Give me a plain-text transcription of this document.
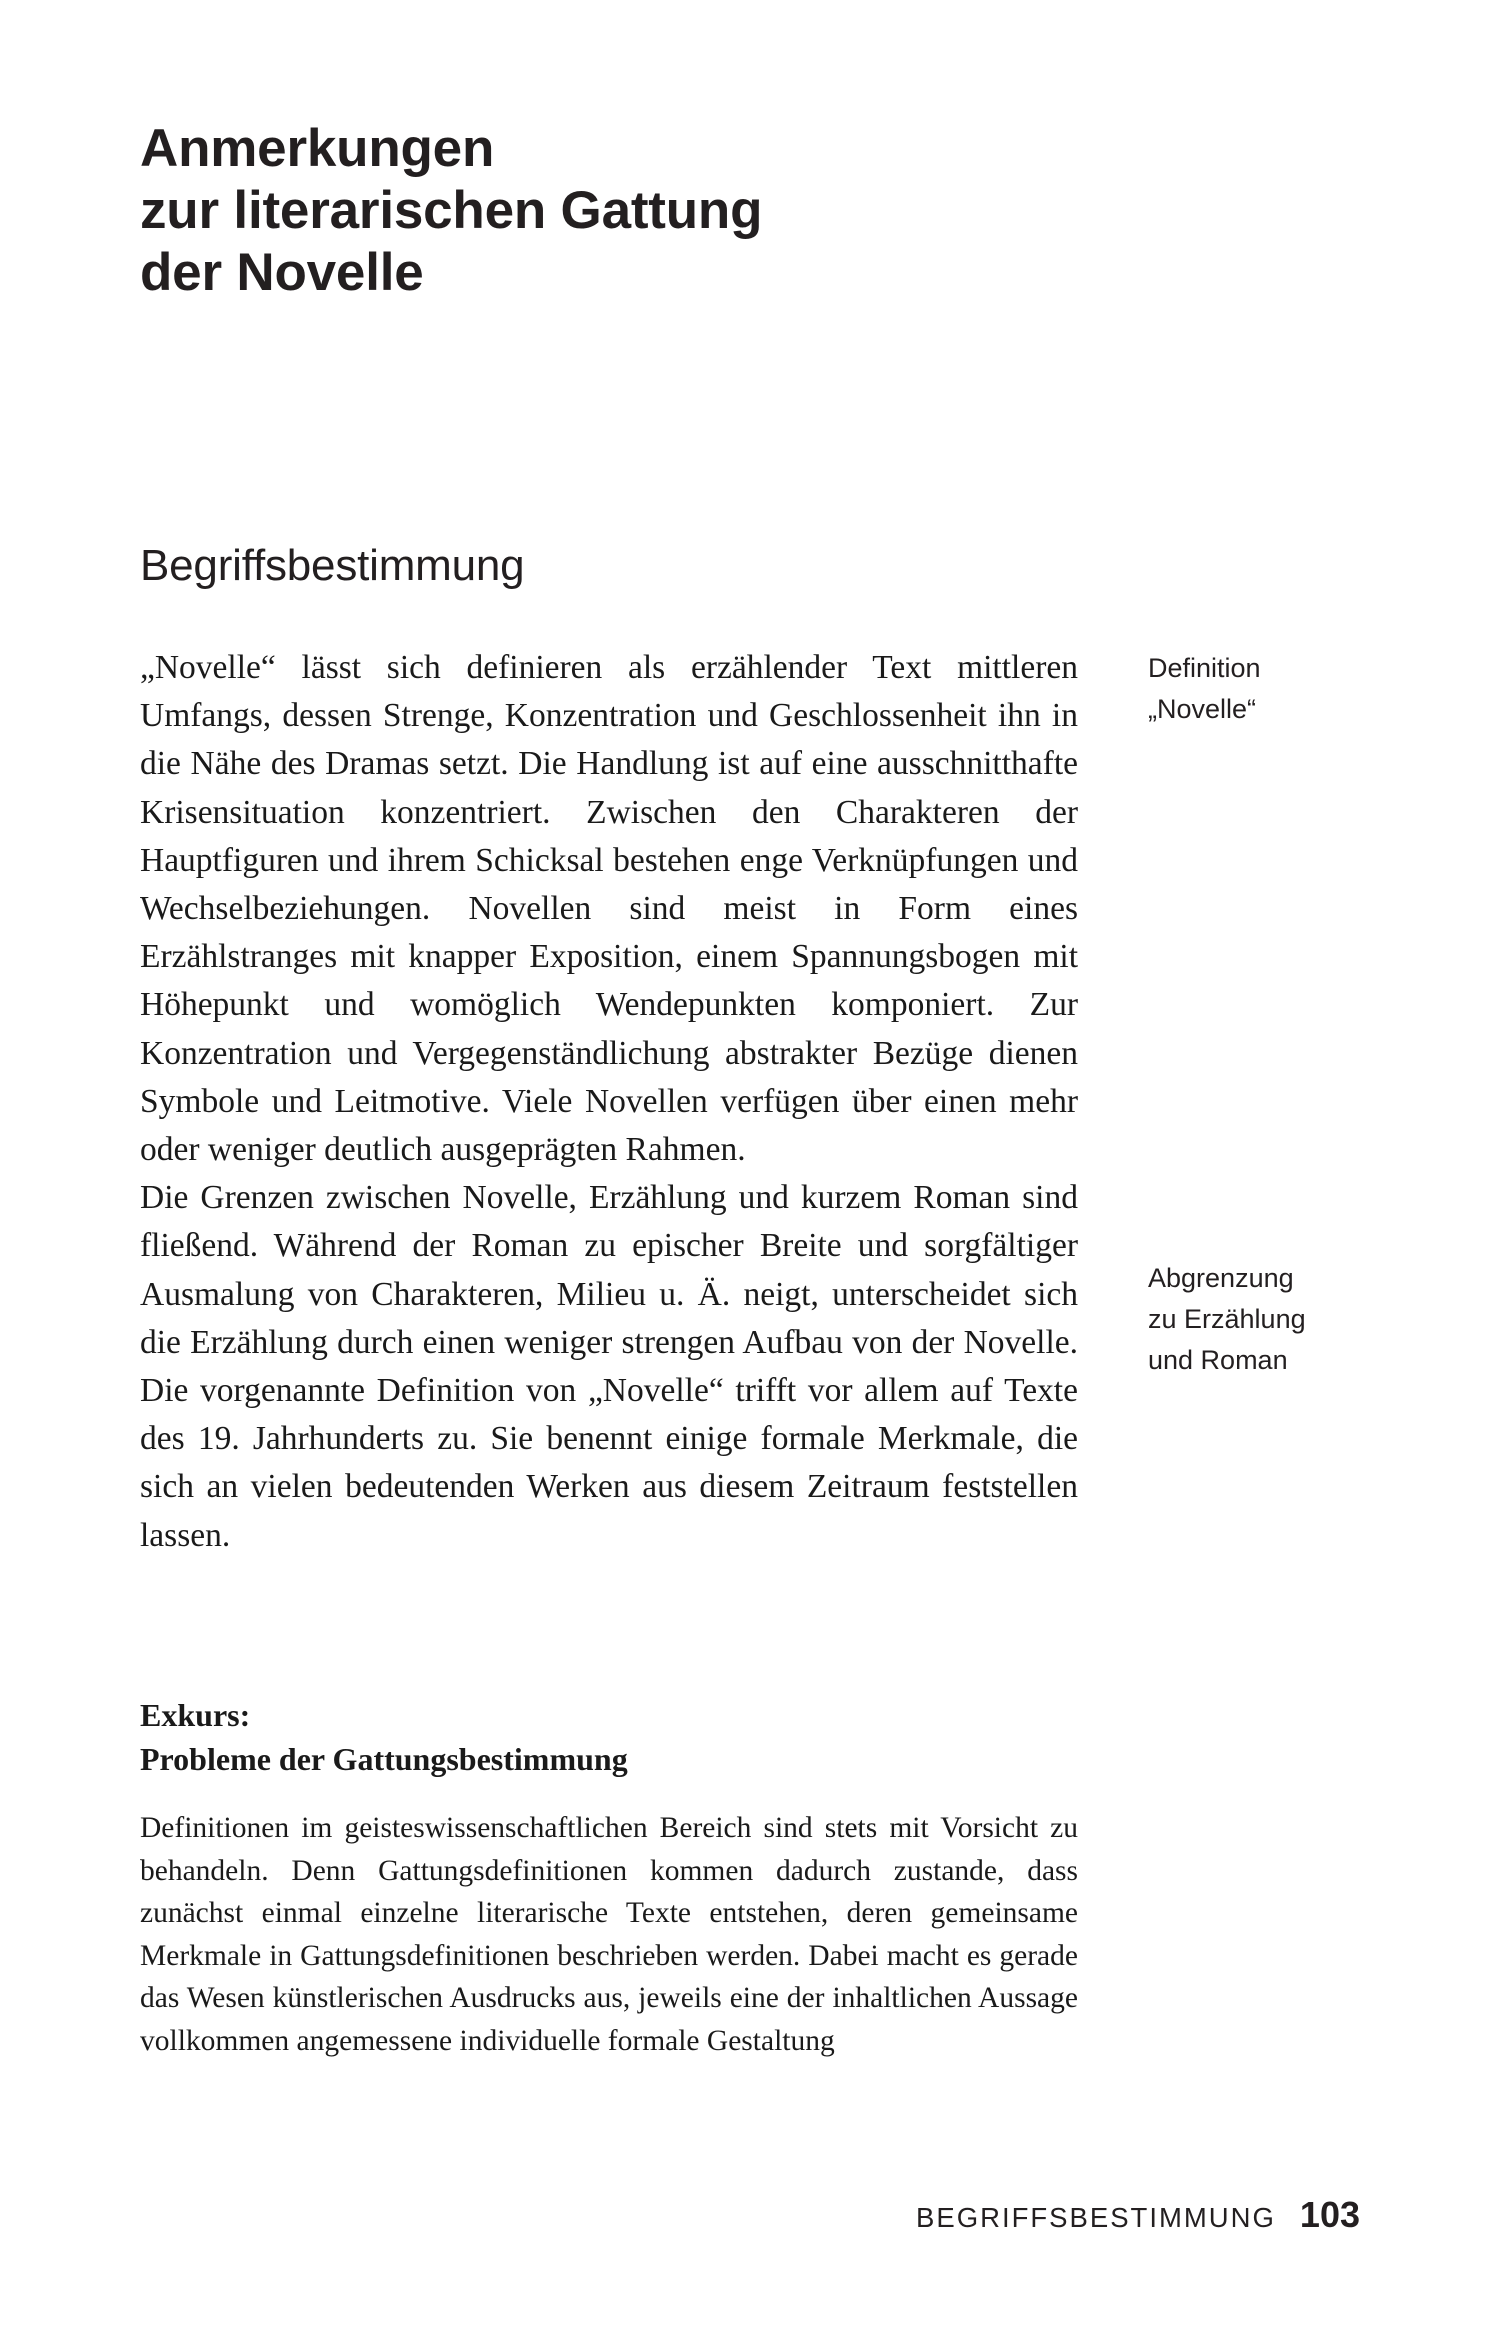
Anmerkungen
zur literarischen Gattung
der Novelle
Begriffsbestimmung

„Novelle“ lässt sich definieren als erzählender Text mittleren Umfangs, dessen Strenge, Konzentration und Geschlossenheit ihn in die Nähe des Dramas setzt. Die Handlung ist auf eine ausschnitthafte Krisensituation konzentriert. Zwischen den Charakteren der Hauptfiguren und ihrem Schicksal bestehen enge Verknüpfungen und Wechselbeziehungen. Novellen sind meist in Form eines Erzählstranges mit knapper Exposition, einem Spannungsbogen mit Höhepunkt und womöglich Wendepunkten komponiert. Zur Konzentration und Vergegenständlichung abstrakter Bezüge dienen Symbole und Leitmotive. Viele Novellen verfügen über einen mehr oder weniger deutlich ausgeprägten Rahmen.

Die Grenzen zwischen Novelle, Erzählung und kurzem Roman sind fließend. Während der Roman zu epischer Breite und sorgfältiger Ausmalung von Charakteren, Milieu u. Ä. neigt, unterscheidet sich die Erzählung durch einen weniger strengen Aufbau von der Novelle. Die vorgenannte Definition von „Novelle“ trifft vor allem auf Texte des 19. Jahrhunderts zu. Sie benennt einige formale Merkmale, die sich an vielen bedeutenden Werken aus diesem Zeitraum feststellen lassen.

Exkurs:

Probleme der Gattungsbestimmung

Definitionen im geisteswissenschaftlichen Bereich sind stets mit Vorsicht zu behandeln. Denn Gattungsdefinitionen kommen dadurch zustande, dass zunächst einmal einzelne literarische Texte entstehen, deren gemeinsame Merkmale in Gattungsdefinitionen beschrieben werden. Dabei macht es gerade das Wesen künstlerischen Ausdrucks aus, jeweils eine der inhaltlichen Aussage vollkommen angemessene individuelle formale Gestaltung

Definition
„Novelle“
Abgrenzung
zu Erzählung
und Roman
BEGRIFFSBESTIMMUNG 103
